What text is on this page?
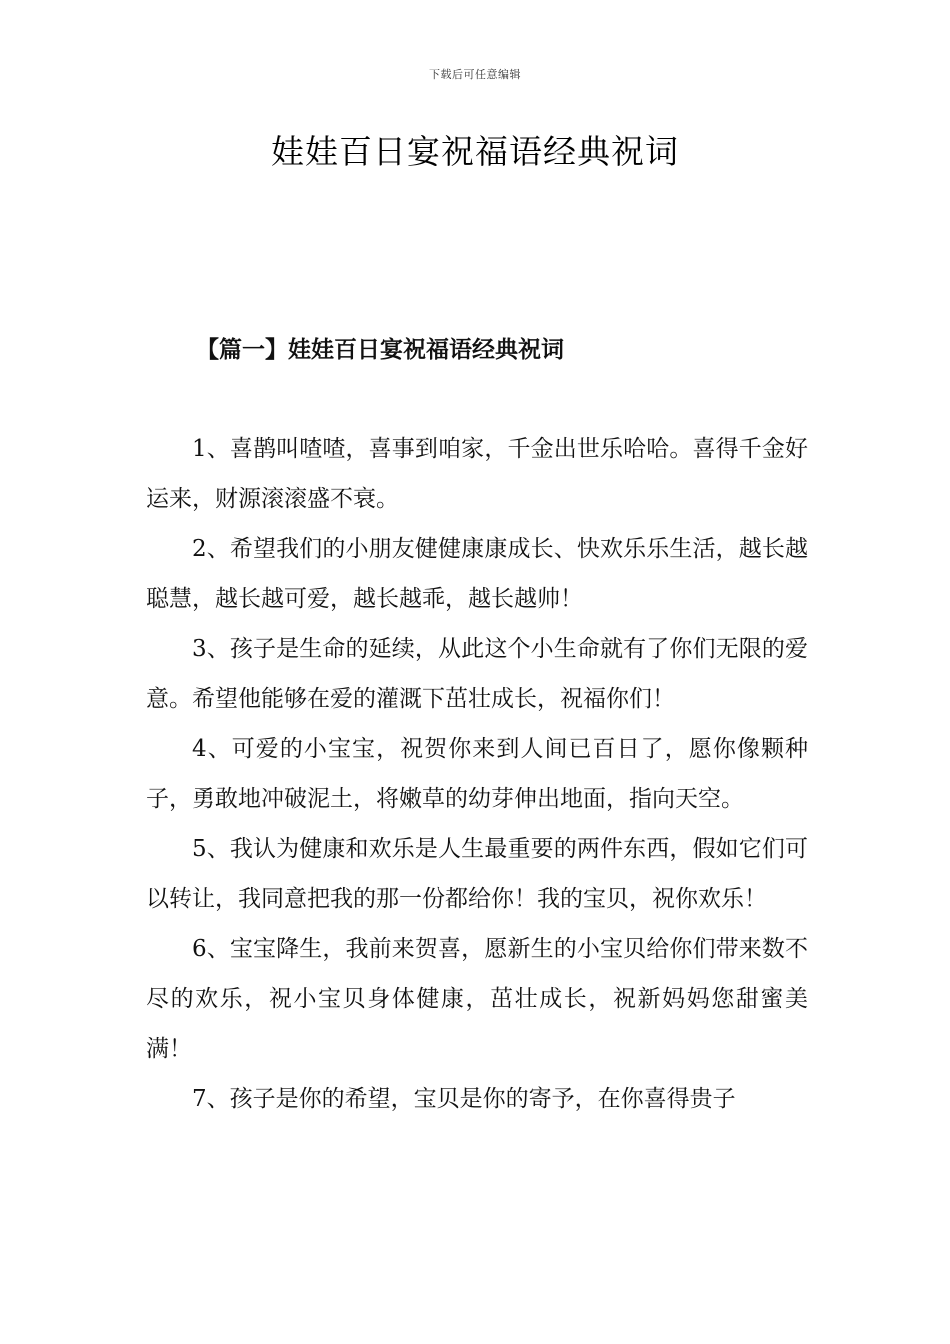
下载后可任意编辑
娃娃百日宴祝福语经典祝词
【篇一】娃娃百日宴祝福语经典祝词

1、喜鹊叫喳喳，喜事到咱家，千金出世乐哈哈。喜得千金好运来，财源滚滚盛不衰。

2、希望我们的小朋友健健康康成长、快欢乐乐生活，越长越聪慧，越长越可爱，越长越乖，越长越帅！

3、孩子是生命的延续，从此这个小生命就有了你们无限的爱意。希望他能够在爱的灌溉下茁壮成长，祝福你们！

4、可爱的小宝宝，祝贺你来到人间已百日了，愿你像颗种子，勇敢地冲破泥土，将嫩草的幼芽伸出地面，指向天空。

5、我认为健康和欢乐是人生最重要的两件东西，假如它们可以转让，我同意把我的那一份都给你！我的宝贝，祝你欢乐！

6、宝宝降生，我前来贺喜，愿新生的小宝贝给你们带来数不尽的欢乐，祝小宝贝身体健康，茁壮成长，祝新妈妈您甜蜜美满！

7、孩子是你的希望，宝贝是你的寄予，在你喜得贵子
